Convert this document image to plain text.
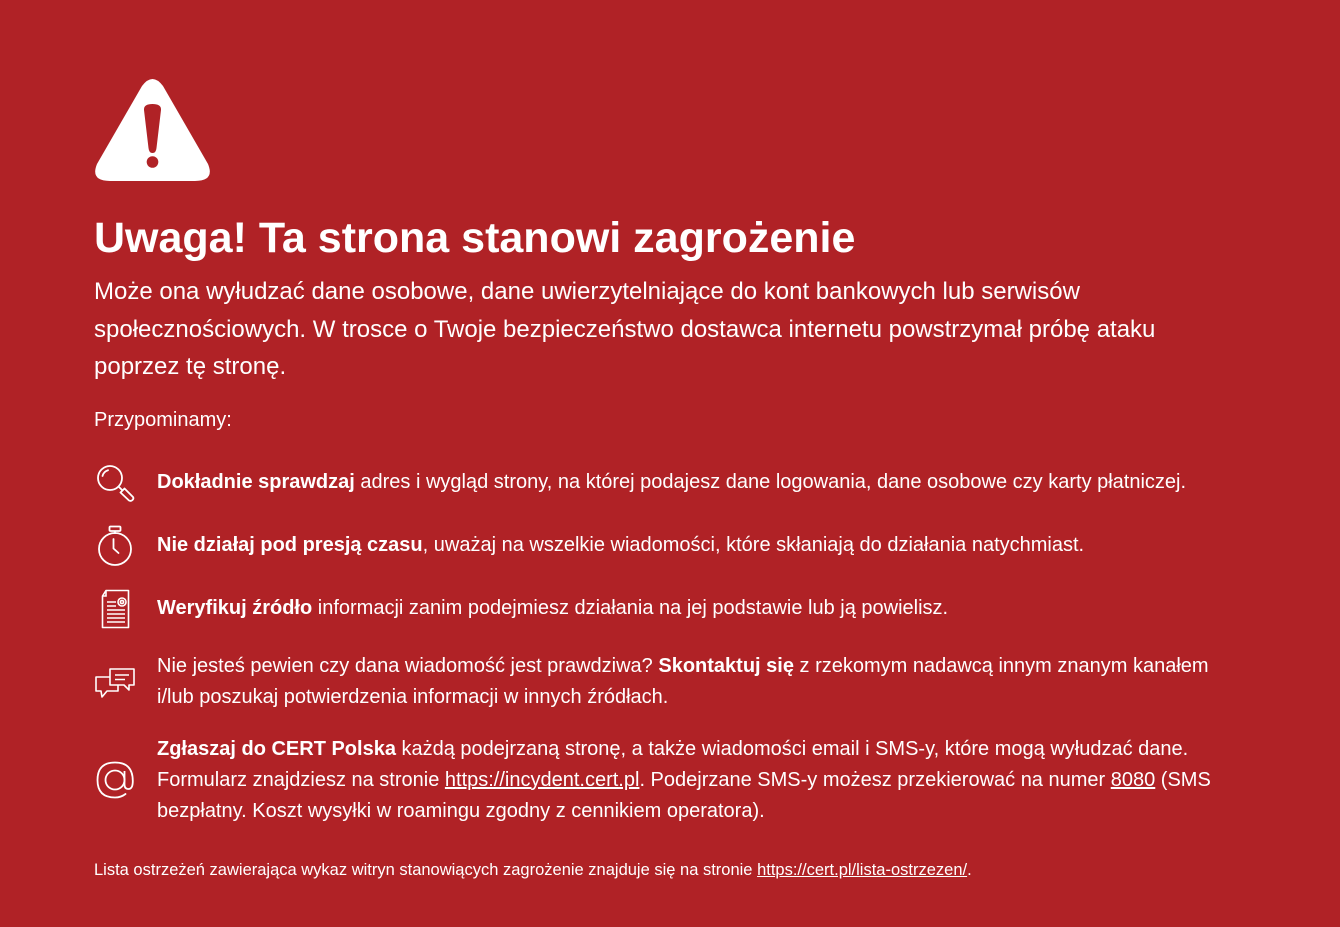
Uwaga! Ta strona stanowi zagrożenie

Może ona wyłudzać dane osobowe, dane uwierzytelniające do kont bankowych lub serwisów społecznościowych. W trosce o Twoje bezpieczeństwo dostawca internetu powstrzymał próbę ataku poprzez tę stronę.

Przypominamy:

Dokładnie sprawdzaj adres i wygląd strony, na której podajesz dane logowania, dane osobowe czy karty płatniczej.
Nie działaj pod presją czasu, uważaj na wszelkie wiadomości, które skłaniają do działania natychmiast.
Weryfikuj źródło informacji zanim podejmiesz działania na jej podstawie lub ją powielisz.
Nie jesteś pewien czy dana wiadomość jest prawdziwa? Skontaktuj się z rzekomym nadawcą innym znanym kanałem i/lub poszukaj potwierdzenia informacji w innych źródłach.
Zgłaszaj do CERT Polska każdą podejrzaną stronę, a także wiadomości email i SMS-y, które mogą wyłudzać dane. Formularz znajdziesz na stronie https://incydent.cert.pl. Podejrzane SMS-y możesz przekierować na numer 8080 (SMS bezpłatny. Koszt wysyłki w roamingu zgodny z cennikiem operatora).

Lista ostrzeżeń zawierająca wykaz witryn stanowiących zagrożenie znajduje się na stronie https://cert.pl/lista-ostrzezen/.
